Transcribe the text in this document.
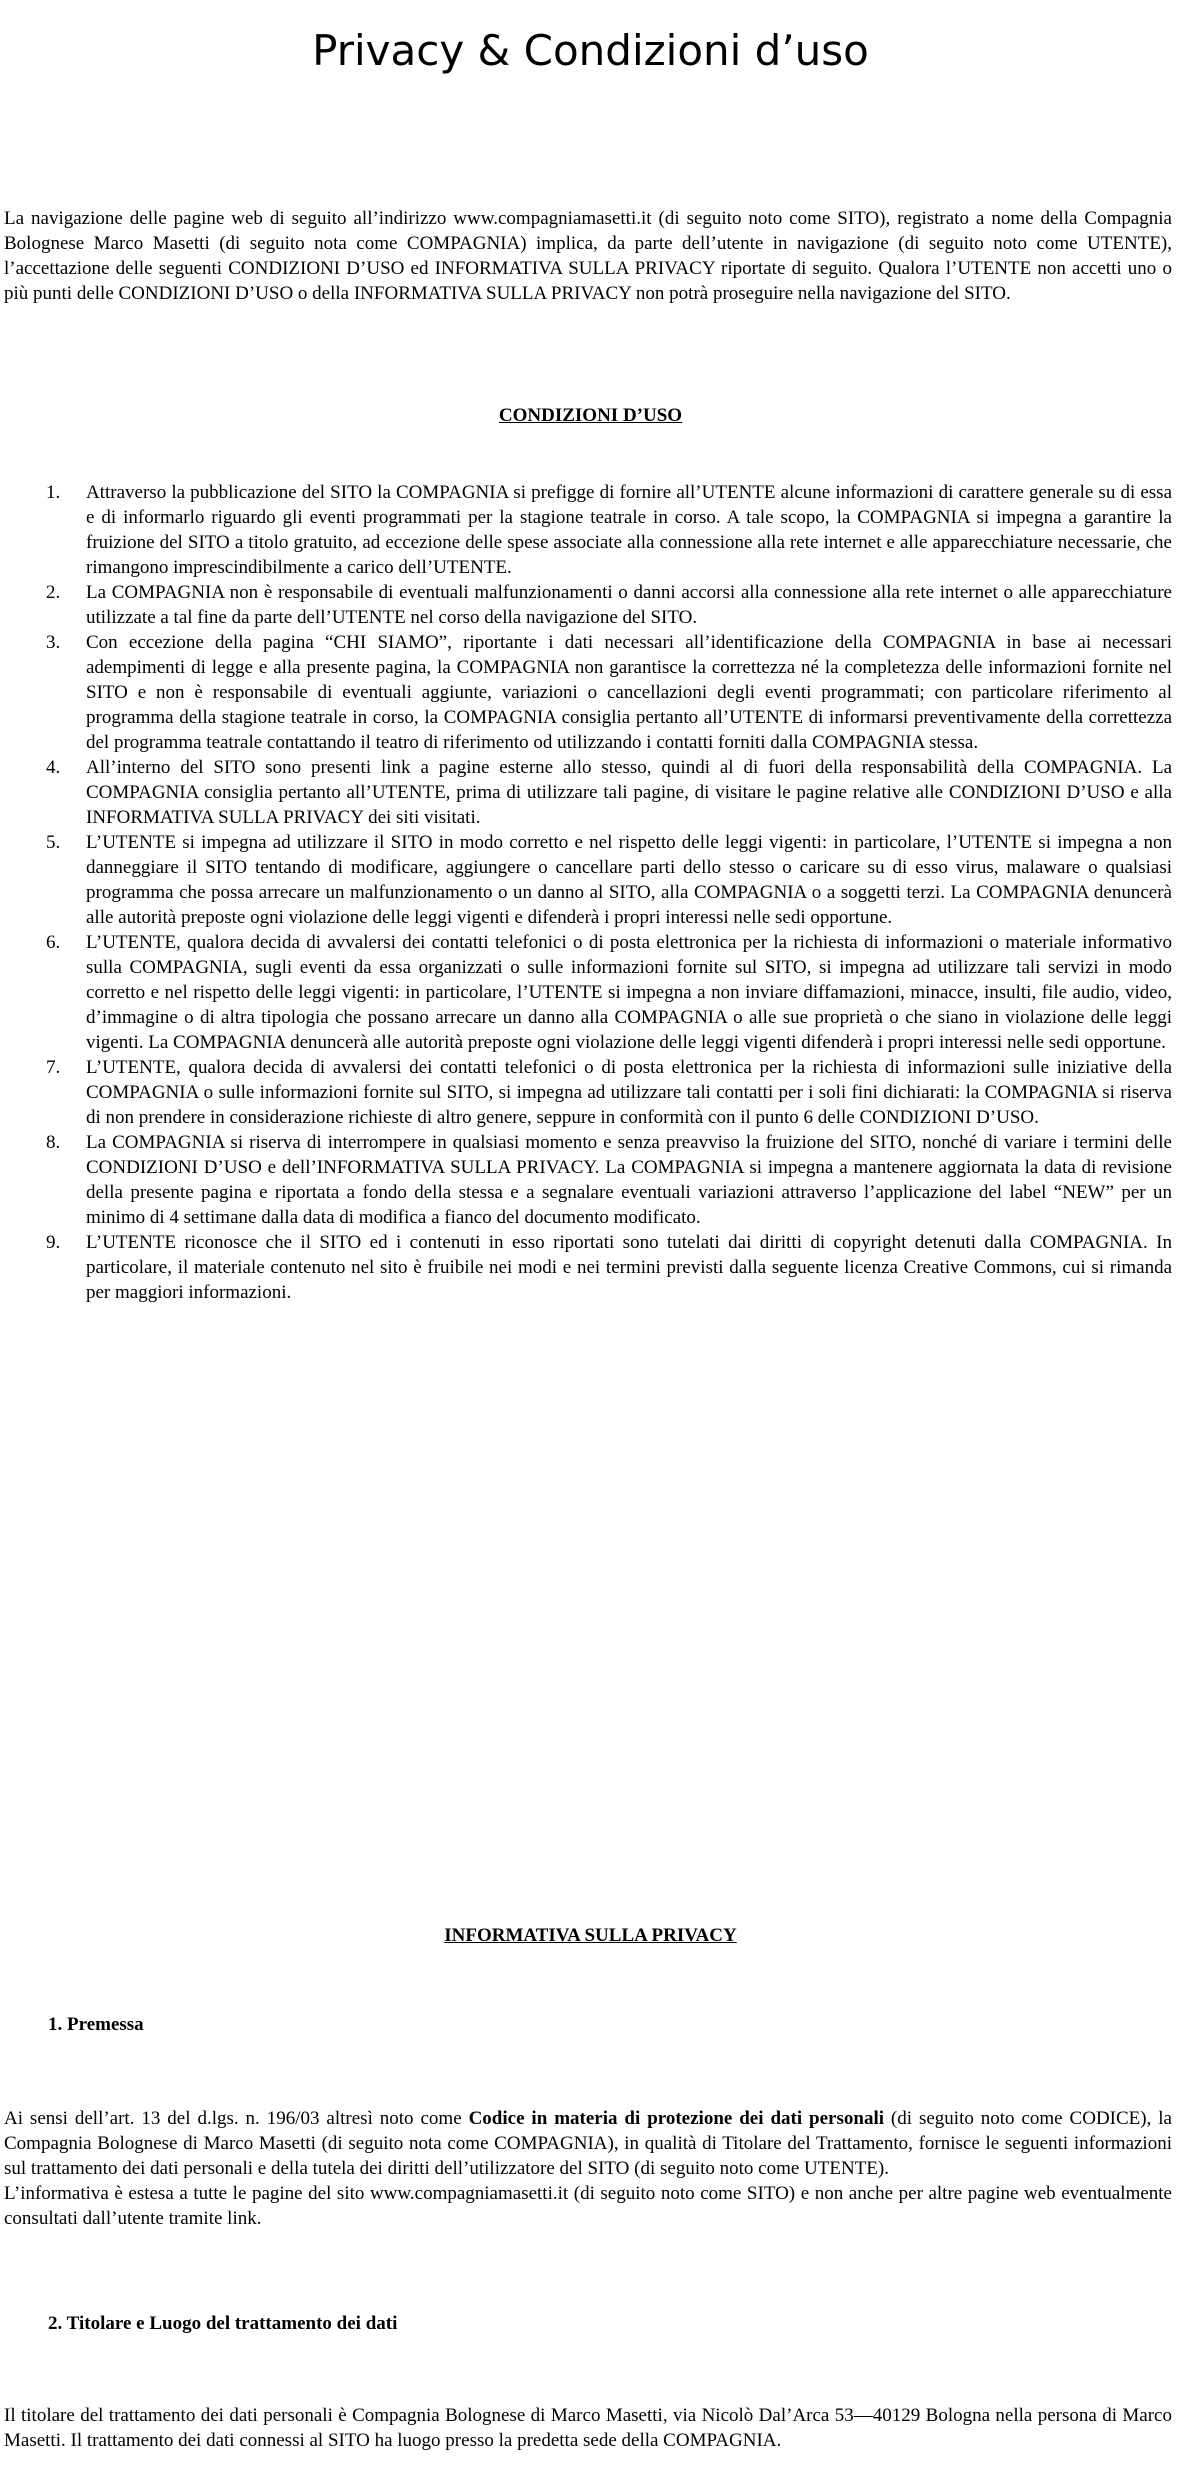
Privacy & Condizioni d’uso

La navigazione delle pagine web di seguito all’indirizzo www.compagniamasetti.it (di seguito noto come SITO), registrato a nome della Compagnia Bolognese Marco Masetti (di seguito nota come COMPAGNIA) implica, da parte dell’utente in navigazione (di seguito noto come UTENTE), l’accettazione delle seguenti CONDIZIONI D’USO ed INFORMATIVA SULLA PRIVACY riportate di seguito. Qualora l’UTENTE non accetti uno o più punti delle CONDIZIONI D’USO o della INFORMATIVA SULLA PRIVACY non potrà proseguire nella navigazione del SITO.

CONDIZIONI D’USO
1. Attraverso la pubblicazione del SITO la COMPAGNIA si prefigge di fornire all’UTENTE alcune informazioni di carattere generale su di essa e di informarlo riguardo gli eventi programmati per la stagione teatrale in corso. A tale scopo, la COMPAGNIA si impegna a garantire la fruizione del SITO a titolo gratuito, ad eccezione delle spese associate alla connessione alla rete internet e alle apparecchiature necessarie, che rimangono imprescindibilmente a carico dell’UTENTE.
2. La COMPAGNIA non è responsabile di eventuali malfunzionamenti o danni accorsi alla connessione alla rete internet o alle apparecchiature utilizzate a tal fine da parte dell’UTENTE nel corso della navigazione del SITO.
3. Con eccezione della pagina “CHI SIAMO”, riportante i dati necessari all’identificazione della COMPAGNIA in base ai necessari adempimenti di legge e alla presente pagina, la COMPAGNIA non garantisce la correttezza né la completezza delle informazioni fornite nel SITO e non è responsabile di eventuali aggiunte, variazioni o cancellazioni degli eventi programmati; con particolare riferimento al programma della stagione teatrale in corso, la COMPAGNIA consiglia pertanto all’UTENTE di informarsi preventivamente della correttezza del programma teatrale contattando il teatro di riferimento od utilizzando i contatti forniti dalla COMPAGNIA stessa.
4. All’interno del SITO sono presenti link a pagine esterne allo stesso, quindi al di fuori della responsabilità della COMPAGNIA. La COMPAGNIA consiglia pertanto all’UTENTE, prima di utilizzare tali pagine, di visitare le pagine relative alle CONDIZIONI D’USO e alla INFORMATIVA SULLA PRIVACY dei siti visitati.
5. L’UTENTE si impegna ad utilizzare il SITO in modo corretto e nel rispetto delle leggi vigenti: in particolare, l’UTENTE si impegna a non danneggiare il SITO tentando di modificare, aggiungere o cancellare parti dello stesso o caricare su di esso virus, malaware o qualsiasi programma che possa arrecare un malfunzionamento o un danno al SITO, alla COMPAGNIA o a soggetti terzi. La COMPAGNIA denuncerà alle autorità preposte ogni violazione delle leggi vigenti e difenderà i propri interessi nelle sedi opportune.
6. L’UTENTE, qualora decida di avvalersi dei contatti telefonici o di posta elettronica per la richiesta di informazioni o materiale informativo sulla COMPAGNIA, sugli eventi da essa organizzati o sulle informazioni fornite sul SITO, si impegna ad utilizzare tali servizi in modo corretto e nel rispetto delle leggi vigenti: in particolare, l’UTENTE si impegna a non inviare diffamazioni, minacce, insulti, file audio, video, d’immagine o di altra tipologia che possano arrecare un danno alla COMPAGNIA o alle sue proprietà o che siano in violazione delle leggi vigenti. La COMPAGNIA denuncerà alle autorità preposte ogni violazione delle leggi vigenti difenderà i propri interessi nelle sedi opportune.
7. L’UTENTE, qualora decida di avvalersi dei contatti telefonici o di posta elettronica per la richiesta di informazioni sulle iniziative della COMPAGNIA o sulle informazioni fornite sul SITO, si impegna ad utilizzare tali contatti per i soli fini dichiarati: la COMPAGNIA si riserva di non prendere in considerazione richieste di altro genere, seppure in conformità con il punto 6 delle CONDIZIONI D’USO.
8. La COMPAGNIA si riserva di interrompere in qualsiasi momento e senza preavviso la fruizione del SITO, nonché di variare i termini delle CONDIZIONI D’USO e dell’INFORMATIVA SULLA PRIVACY. La COMPAGNIA si impegna a mantenere aggiornata la data di revisione della presente pagina e riportata a fondo della stessa e a segnalare eventuali variazioni attraverso l’applicazione del label “NEW” per un minimo di 4 settimane dalla data di modifica a fianco del documento modificato.
9. L’UTENTE riconosce che il SITO ed i contenuti in esso riportati sono tutelati dai diritti di copyright detenuti dalla COMPAGNIA. In particolare, il materiale contenuto nel sito è fruibile nei modi e nei termini previsti dalla seguente licenza Creative Commons, cui si rimanda per maggiori informazioni.
INFORMATIVA SULLA PRIVACY
1. Premessa

Ai sensi dell’art. 13 del d.lgs. n. 196/03 altresì noto come Codice in materia di protezione dei dati personali (di seguito noto come CODICE), la Compagnia Bolognese di Marco Masetti (di seguito nota come COMPAGNIA), in qualità di Titolare del Trattamento, fornisce le seguenti informazioni sul trattamento dei dati personali e della tutela dei diritti dell’utilizzatore del SITO (di seguito noto come UTENTE).

L’informativa è estesa a tutte le pagine del sito www.compagniamasetti.it (di seguito noto come SITO) e non anche per altre pagine web eventualmente consultati dall’utente tramite link.

2. Titolare e Luogo del trattamento dei dati

Il titolare del trattamento dei dati personali è Compagnia Bolognese di Marco Masetti, via Nicolò Dal’Arca 53—40129 Bologna nella persona di Marco Masetti. Il trattamento dei dati connessi al SITO ha luogo presso la predetta sede della COMPAGNIA.
